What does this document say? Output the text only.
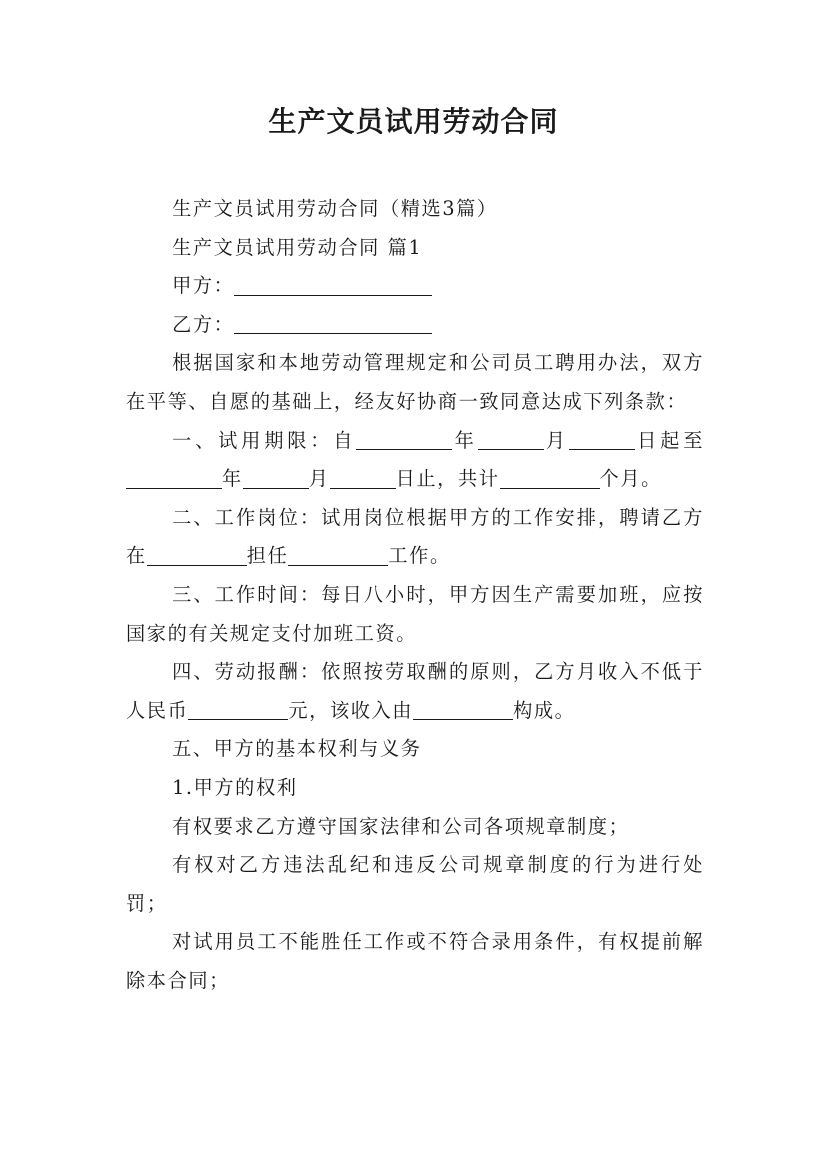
生产文员试用劳动合同

生产文员试用劳动合同（精选3篇）

生产文员试用劳动合同 篇1

甲方：

乙方：

根据国家和本地劳动管理规定和公司员工聘用办法，双方在平等、自愿的基础上，经友好协商一致同意达成下列条款：

一、试用期限：自	年	月	日起至年	月	日止，共计	个月。

二、工作岗位：试用岗位根据甲方的工作安排，聘请乙方在	担任	工作。

三、工作时间：每日八小时，甲方因生产需要加班，应按国家的有关规定支付加班工资。

四、劳动报酬：依照按劳取酬的原则，乙方月收入不低于人民币	元，该收入由	构成。

五、甲方的基本权利与义务

1.甲方的权利

有权要求乙方遵守国家法律和公司各项规章制度；

有权对乙方违法乱纪和违反公司规章制度的行为进行处罚；

对试用员工不能胜任工作或不符合录用条件，有权提前解除本合同；
